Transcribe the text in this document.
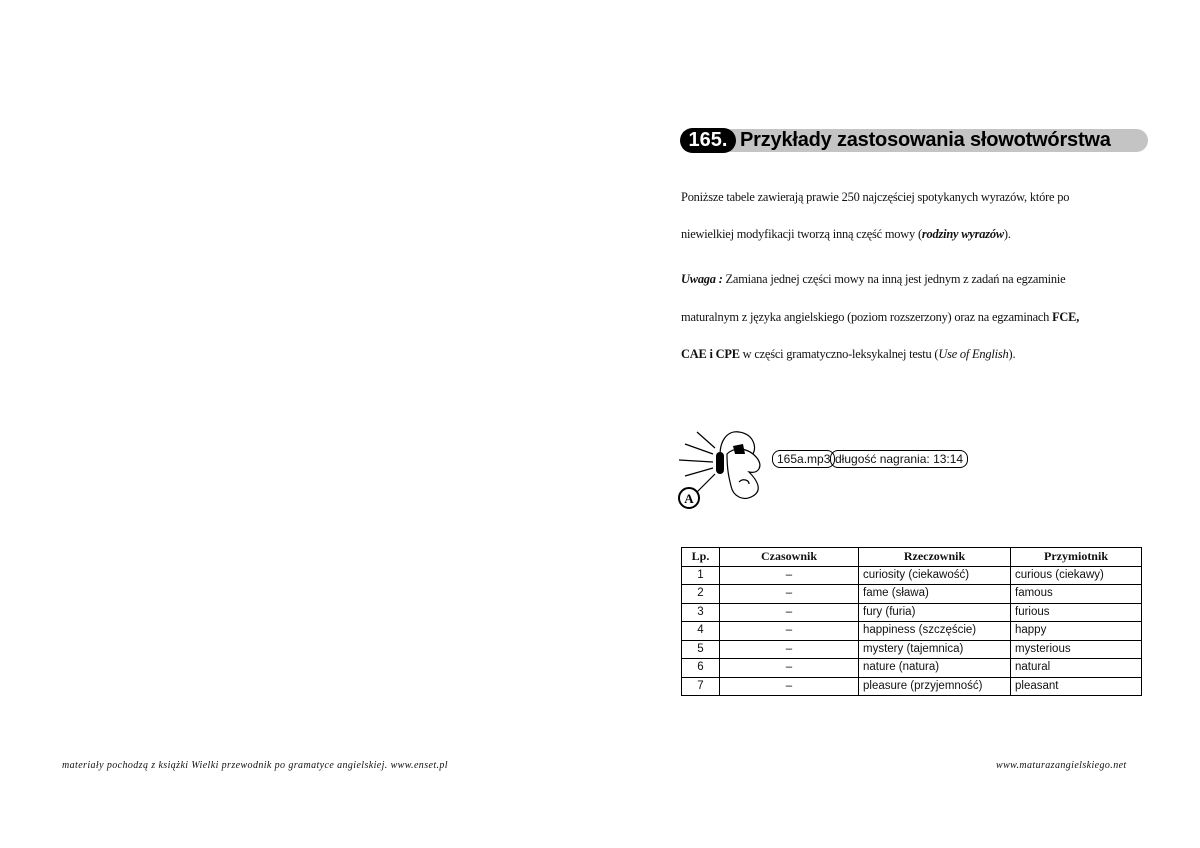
165. Przykłady zastosowania słowotwórstwa
Poniższe tabele zawierają prawie 250 najczęściej spotykanych wyrazów, które po
niewielkiej modyfikacji tworzą inną część mowy (rodziny wyrazów).
Uwaga : Zamiana jednej części mowy na inną jest jednym z zadań na egzaminie
maturalnym z języka angielskiego (poziom rozszerzony) oraz na egzaminach FCE,
CAE i CPE w części gramatyczno-leksykalnej testu (Use of English).
A
165a.mp3 długość nagrania: 13:14
Lp.	Czasownik	Rzeczownik	Przymiotnik
1	–	curiosity (ciekawość)	curious (ciekawy)
2	–	fame (sława)	famous
3	–	fury (furia)	furious
4	–	happiness (szczęście)	happy
5	–	mystery (tajemnica)	mysterious
6	–	nature (natura)	natural
7	–	pleasure (przyjemność)	pleasant
materiały pochodzą z książki Wielki przewodnik po gramatyce angielskiej. www.enset.pl	www.maturazangielskiego.net
